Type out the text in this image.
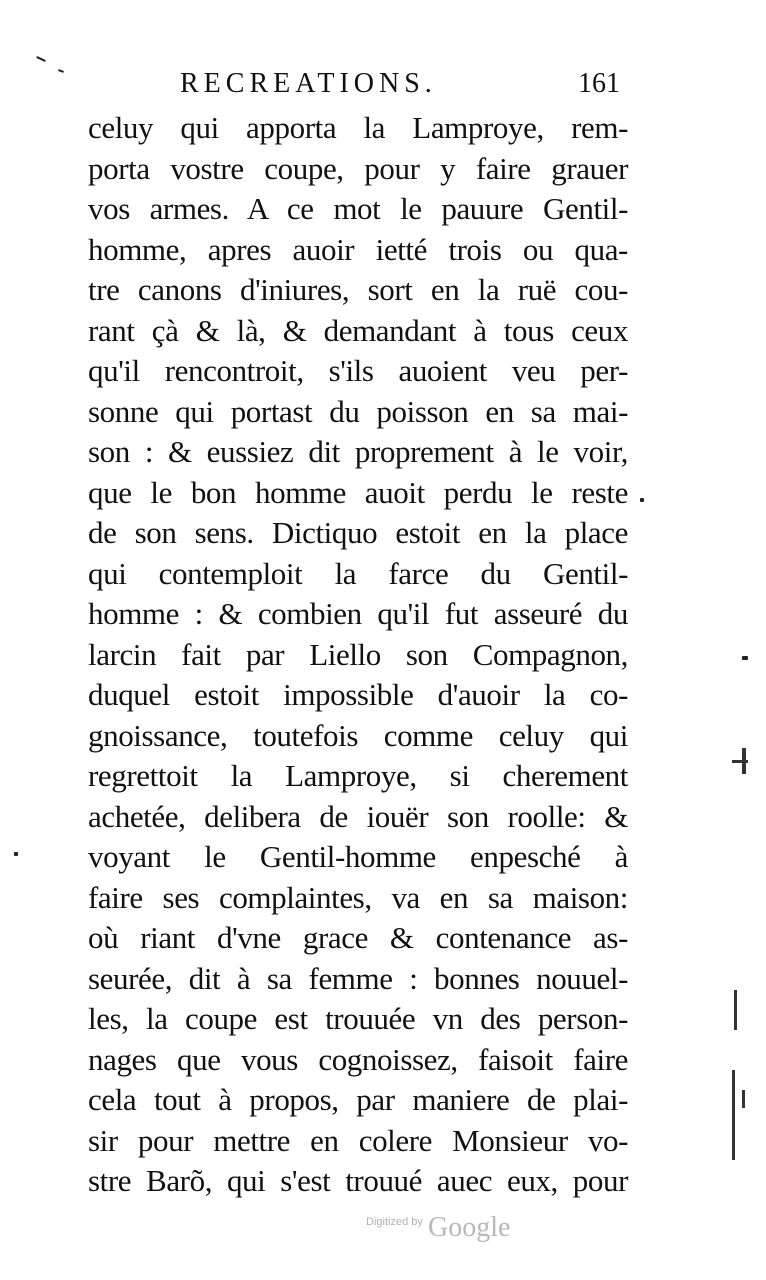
RECREATIONS.	161
celuy qui apporta la Lamproye, rem-
porta vostre coupe, pour y faire grauer
vos armes. A ce mot le pauure Gentil-
homme, apres auoir ietté trois ou qua-
tre canons d'iniures, sort en la ruë cou-
rant çà & là, & demandant à tous ceux
qu'il rencontroit, s'ils auoient veu per-
sonne qui portast du poisson en sa mai-
son : & eussiez dit proprement à le voir,
que le bon homme auoit perdu le reste
de son sens. Dictiquo estoit en la place
qui contemploit la farce du Gentil-
homme : & combien qu'il fut asseuré du
larcin fait par Liello son Compagnon,
duquel estoit impossible d'auoir la co-
gnoissance, toutefois comme celuy qui
regrettoit la Lamproye, si cherement
achetée, delibera de iouër son roolle: &
voyant le Gentil-homme enpesché à
faire ses complaintes, va en sa maison:
où riant d'vne grace & contenance as-
seurée, dit à sa femme : bonnes nouuel-
les, la coupe est trouuée vn des person-
nages que vous cognoissez, faisoit faire
cela tout à propos, par maniere de plai-
sir pour mettre en colere Monsieur vo-
stre Barõ, qui s'est trouué auec eux, pour
Digitized by Google
